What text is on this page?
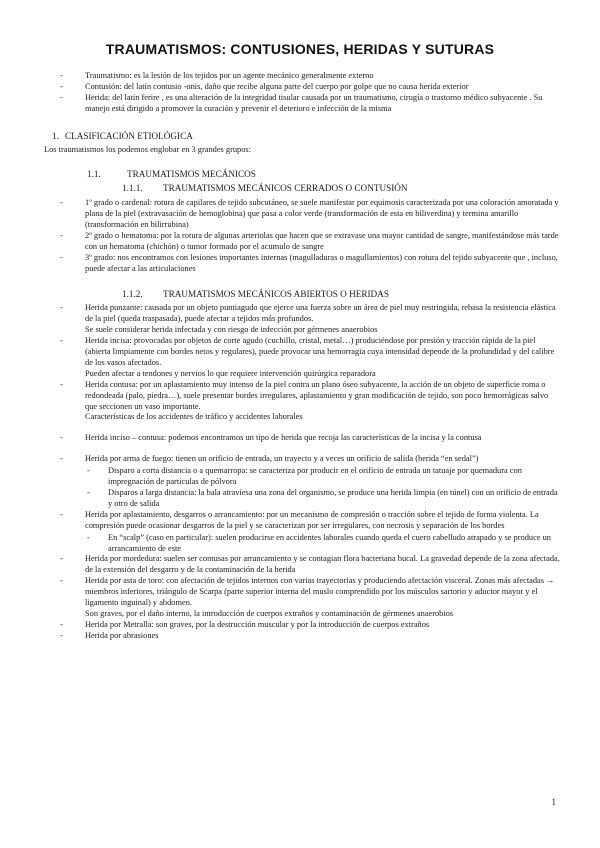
TRAUMATISMOS: CONTUSIONES, HERIDAS Y SUTURAS
- Traumatismo: es la lesión de los tejidos por un agente mecánico generalmente externo
- Contusión: del latín contusio -onis, daño que recibe alguna parte del cuerpo por golpe que no causa herida exterior
- Herida: del latín ferire , es una alteración de la integridad tisular causada por un traumatismo, cirugía o trastorno médico subyacente . Su manejo está dirigido a promover la curación y prevenir el deterioro e infección de la misma
1. CLASIFICACIÓN ETIOLÓGICA
Los traumatismos los podemos englobar en 3 grandes grupos:
1.1.	TRAUMATISMOS MECÁNICOS
1.1.1. TRAUMATISMOS MECÁNICOS CERRADOS O CONTUSIÓN
- 1º grado o cardenal: rotura de capilares de tejido subcutáneo, se suele manifestar por equimosis caracterizada por una coloración amoratada y plana de la piel (extravasación de hemoglobina) que pasa a color verde (transformación de esta en biliverdina) y termina amarillo (transformación en bilirrubina)
- 2º grado o hematoma: por la rotura de algunas arteriolas que hacen que se extravase una mayor cantidad de sangre, manifestándose más tarde con un hematoma (chichón) o tumor formado por el acumulo de sangre
- 3º grado: nos encontramos con lesiones importantes internas (magulladuras o magullamientos) con rotura del tejido subyacente que , incluso, puede afectar a las articulaciones
1.1.2. TRAUMATISMOS MECÁNICOS ABIERTOS O HERIDAS
- Herida punzante: causada por un objeto puntiagudo que ejerce una fuerza sobre un área de piel muy restringida, rebasa la resistencia elástica de la piel (queda traspasada), puede afectar a tejidos más profundos.
Se suele considerar herida infectada y con riesgo de infección por gérmenes anaerobios
- Herida incisa: provocadas por objetos de corte agudo (cuchillo, cristal, metal…) produciéndose por presión y tracción rápida de la piel (abierta limpiamente con bordes netos y regulares), puede provocar una hemorragia cuya intensidad depende de la profundidad y del calibre de los vasos afectados.
Pueden afectar a tendones y nervios lo que requiere intervención quirúrgica reparadora
- Herida contusa: por un aplastamiento muy intenso de la piel contra un plano óseo subyacente, la acción de un objeto de superficie roma o redondeada (palo, piedra…), suele presentar bordes irregulares, aplastamiento y gran modificación de tejido, son poco hemorrágicas salvo que seccionen un vaso importante.
Características de los accidentes de tráfico y accidentes laborales
- Herida inciso – contusa: podemos encontramos un tipo de herida que recoja las características de la incisa y la contusa
- Herida por arma de fuego: tienen un orificio de entrada, un trayecto y a veces un orificio de salida (herida “en sedal”)
- Disparo a corta distancia o a quemarropa: se caracteriza por producir en el orificio de entrada un tatuaje por quemadura con impregnación de partículas de pólvora
- Disparos a larga distancia: la bala atraviesa una zona del organismo, se produce una herida limpia (en túnel) con un orificio de entrada y otro de salida
- Herida por aplastamiento, desgarros o arrancamiento: por un mecanismo de compresión o tracción sobre el tejido de forma violenta. La compresión puede ocasionar desgarros de la piel y se caracterizan por ser irregulares, con necrosis y separación de los bordes
- En “scalp” (caso en particular): suelen producirse en accidentes laborales cuando queda el cuero cabelludo atrapado y se produce un arrancamiento de este
- Herida por mordedura: suelen ser contusas por arrancamiento y se contagian flora bacteriana bucal. La gravedad depende de la zona afectada, de la extensión del desgarro y de la contaminación de la herida
- Herida por asta de toro: con afectación de tejidos internos con varias trayectorias y produciendo afectación visceral. Zonas más afectadas → miembros inferiores, triángulo de Scarpa (parte superior interna del muslo comprendido por los músculos sartorio y aductor mayor y el ligamento inguinal) y abdomen.
Son graves, por el daño interno, la introducción de cuerpos extraños y contaminación de gérmenes anaerobios
- Herida por Metralla: son graves, por la destrucción muscular y por la introducción de cuerpos extraños
- Herida por abrasiones
1
